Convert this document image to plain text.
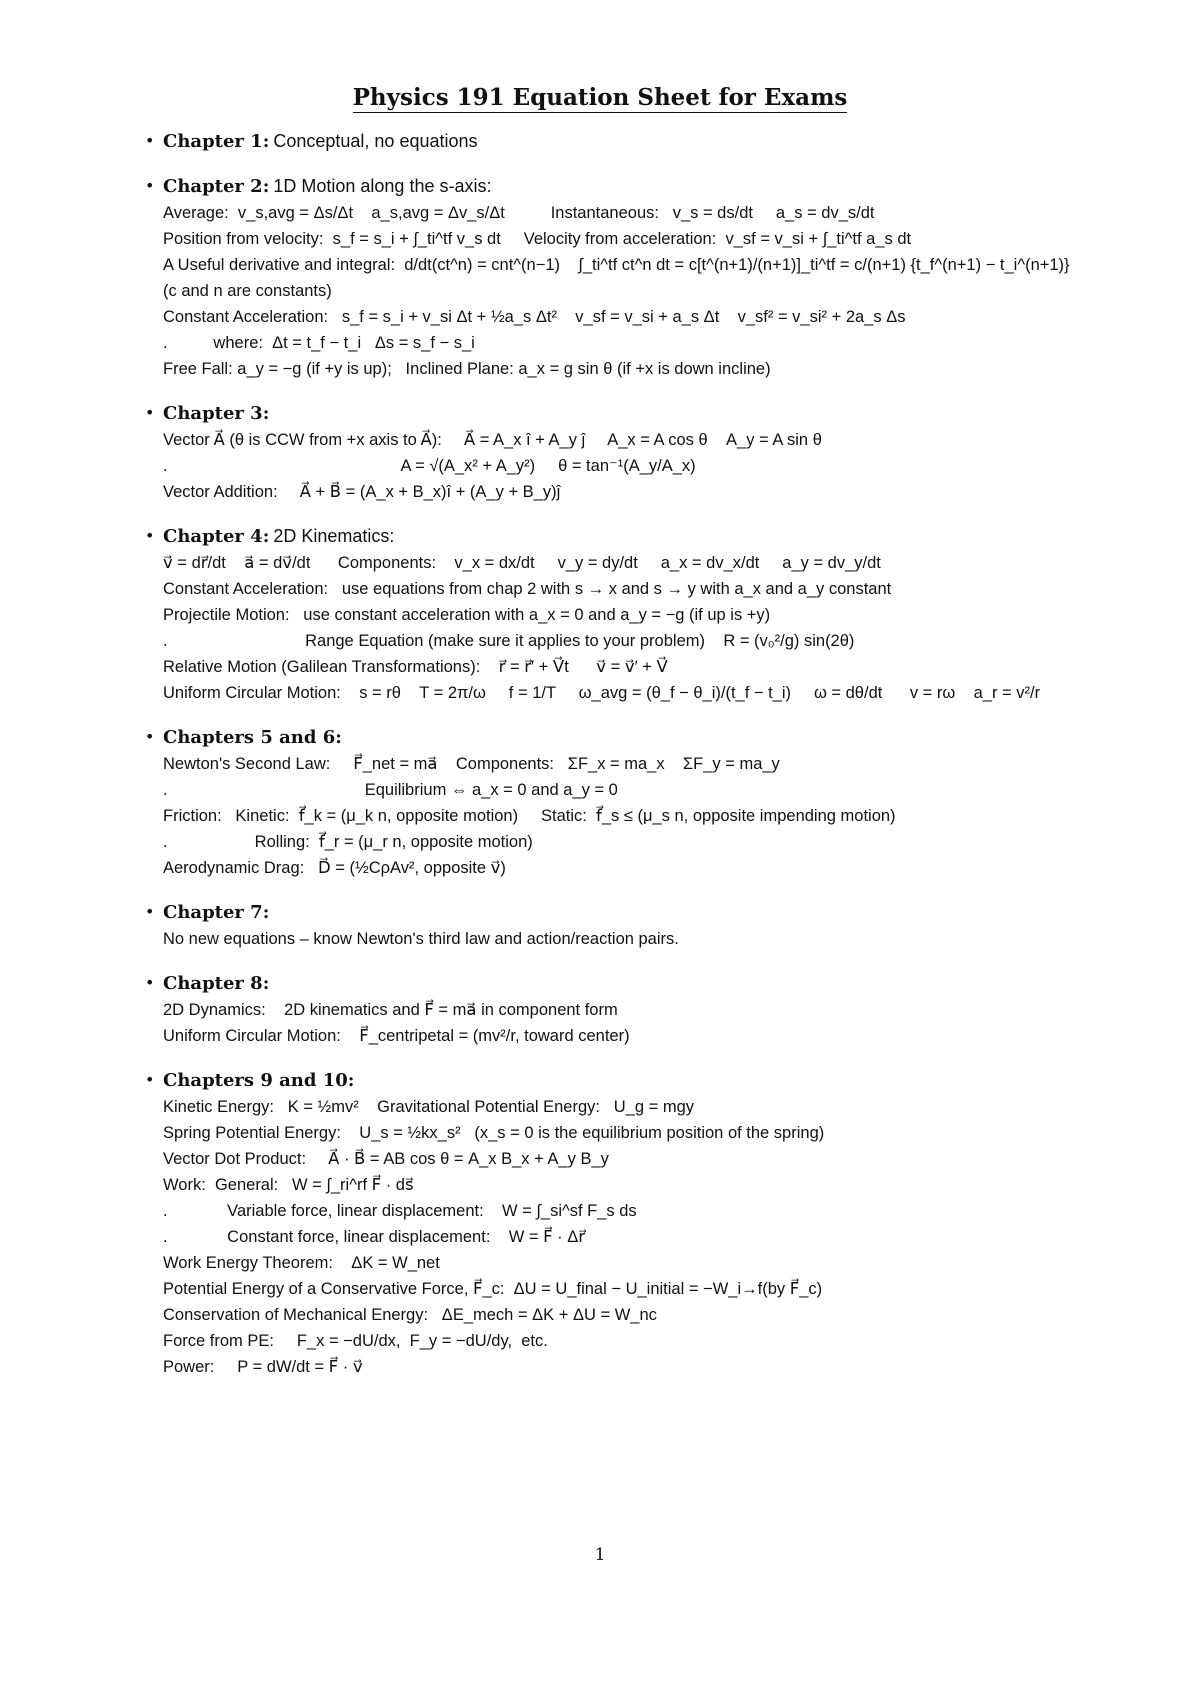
Physics 191 Equation Sheet for Exams
• Chapter 1: Conceptual, no equations
• Chapter 2: 1D Motion along the s-axis:
Average:  v_s,avg = Δs/Δt    a_s,avg = Δv_s/Δt          Instantaneous:   v_s = ds/dt     a_s = dv_s/dt
Position from velocity:  s_f = s_i + ∫_ti^tf v_s dt     Velocity from acceleration:  v_sf = v_si + ∫_ti^tf a_s dt
A Useful derivative and integral:  d/dt(ct^n) = cnt^(n−1)    ∫_ti^tf ct^n dt = c[t^(n+1)/(n+1)]_ti^tf = c/(n+1) {t_f^(n+1) − t_i^(n+1)}
(c and n are constants)
Constant Acceleration:   s_f = s_i + v_si Δt + ½a_s Δt²    v_sf = v_si + a_s Δt    v_sf² = v_si² + 2a_s Δs
.          where:  Δt = t_f − t_i   Δs = s_f − s_i
Free Fall: a_y = −g (if +y is up);   Inclined Plane: a_x = g sin θ (if +x is down incline)
• Chapter 3:
Vector A⃗ (θ is CCW from +x axis to A⃗):     A⃗ = A_x î + A_y ĵ     A_x = A cos θ    A_y = A sin θ
.                                                   A = √(A_x² + A_y²)     θ = tan⁻¹(A_y/A_x)
Vector Addition:     A⃗ + B⃗ = (A_x + B_x)î + (A_y + B_y)ĵ
• Chapter 4: 2D Kinematics:
v⃗ = dr⃗/dt    a⃗ = dv⃗/dt      Components:    v_x = dx/dt     v_y = dy/dt     a_x = dv_x/dt     a_y = dv_y/dt
Constant Acceleration:   use equations from chap 2 with s → x and s → y with a_x and a_y constant
Projectile Motion:   use constant acceleration with a_x = 0 and a_y = −g (if up is +y)
.                              Range Equation (make sure it applies to your problem)    R = (v₀²/g) sin(2θ)
Relative Motion (Galilean Transformations):    r⃗ = r⃗′ + V⃗t      v⃗ = v⃗′ + V⃗
Uniform Circular Motion:    s = rθ    T = 2π/ω     f = 1/T     ω_avg = (θ_f − θ_i)/(t_f − t_i)     ω = dθ/dt      v = rω    a_r = v²/r
• Chapters 5 and 6:
Newton's Second Law:     F⃗_net = ma⃗    Components:   ΣF_x = ma_x    ΣF_y = ma_y
.                                           Equilibrium ⇔ a_x = 0 and a_y = 0
Friction:   Kinetic:  f⃗_k = (μ_k n, opposite motion)     Static:  f⃗_s ≤ (μ_s n, opposite impending motion)
.                   Rolling:  f⃗_r = (μ_r n, opposite motion)
Aerodynamic Drag:   D⃗ = (½CρAv², opposite v⃗)
• Chapter 7:
No new equations – know Newton's third law and action/reaction pairs.
• Chapter 8:
2D Dynamics:    2D kinematics and F⃗ = ma⃗ in component form
Uniform Circular Motion:    F⃗_centripetal = (mv²/r, toward center)
• Chapters 9 and 10:
Kinetic Energy:   K = ½mv²    Gravitational Potential Energy:   U_g = mgy
Spring Potential Energy:    U_s = ½kx_s²   (x_s = 0 is the equilibrium position of the spring)
Vector Dot Product:     A⃗ · B⃗ = AB cos θ = A_x B_x + A_y B_y
Work:  General:   W = ∫_ri^rf F⃗ · ds⃗
.             Variable force, linear displacement:    W = ∫_si^sf F_s ds
.             Constant force, linear displacement:    W = F⃗ · Δr⃗
Work Energy Theorem:    ΔK = W_net
Potential Energy of a Conservative Force, F⃗_c:  ΔU = U_final − U_initial = −W_i→f(by F⃗_c)
Conservation of Mechanical Energy:   ΔE_mech = ΔK + ΔU = W_nc
Force from PE:     F_x = −dU/dx,  F_y = −dU/dy,  etc.
Power:     P = dW/dt = F⃗ · v⃗
1
